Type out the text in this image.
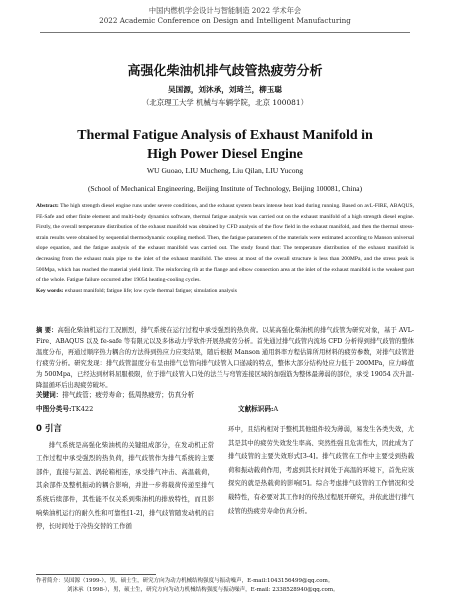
中国内燃机学会设计与智能制造 2022 学术年会
2022 Academic Conference on Design and Intelligent Manufacturing
高强化柴油机排气歧管热疲劳分析
吴国源，刘沐承，刘琦兰，柳玉聪
（北京理工大学 机械与车辆学院，北京 100081）
Thermal Fatigue Analysis of Exhaust Manifold in
High Power Diesel Engine
WU Guoao, LIU Mucheng, Liu Qilan, LIU Yucong
(School of Mechanical Engineering, Beijing Institute of Technology, Beijing 100081, China)
Abstract: The high strength diesel engine runs under severe conditions, and the exhaust system bears intense heat load during running. Based on avL-FIRE, ABAQUS, FE-Safe and other finite element and multi-body dynamics software, thermal fatigue analysis was carried out on the exhaust manifold of a high strength diesel engine. Firstly, the overall temperature distribution of the exhaust manifold was obtained by CFD analysis of the flow field in the exhaust manifold, and then the thermal stress-strain results were obtained by sequential thermodynamic coupling method. Then, the fatigue parameters of the materials were estimated according to Manson universal slope equation, and the fatigue analysis of the exhaust manifold was carried out. The study found that: The temperature distribution of the exhaust manifold is decreasing from the exhaust main pipe to the inlet of the exhaust manifold. The stress at most of the overall structure is less than 200MPa, and the stress peak is 500Mpa, which has reached the material yield limit. The reinforcing rib at the flange and elbow connection area at the inlet of the exhaust manifold is the weakest part of the whole. Fatigue failure occurred after 19054 heating-cooling cycles.
Key words: exhaust manifold; fatigue life; low cycle thermal fatigue; simulation analysis
摘 要：高强化柴油机运行工况剧烈，排气系统在运行过程中承受强烈的热负荷。以某高强化柴油机的排气歧管为研究对象，基于 AVL-Fire、ABAQUS 以及 fe-safe 等有限元以及多体动力学软件开展热疲劳分析。首先通过排气歧管内流场 CFD 分析得到排气歧管的整体温度分布，再通过顺序热力耦合的方法得到热应力应变结果，随后根据 Manson 通用斜率方程估算所用材料的疲劳参数，对排气歧管进行疲劳分析。研究发现：排气歧管温度分布呈由排气总管向排气歧管入口递减的特点，整体大部分结构处应力低于 200MPa，应力峰值为 500Mpa，已经达到材料屈服极限，位于排气歧管入口处的法兰与弯管连接区域的加强筋为整体最薄弱的部位，承受 19054 次升温-降温循环后出现疲劳破坏。
关键词：排气歧管；疲劳寿命；低周热疲劳；仿真分析
中图分类号:TK422	文献标识码:A
0 引言
排气系统是高强化柴油机的关键组成部分，在发动机正常工作过程中承受强烈的热负荷，排气歧管作为排气系统的主要部件，直接与缸盖、涡轮箱相连，承受排气冲击、高温载荷，其余部件及整机振动的耦合影响，并进一步将载荷传递至排气系统后续部件，其性能不仅关系到柴油机的排放特性，而且影响柴油机运行的耐久性和可靠性[1-2]，排气歧管随发动机的启停，长时间处于冷热交替的工作循
环中，且结构相对于整机其他组件较为薄弱，易发生各类失效，尤其是其中的疲劳失效发生率高、突然性强且危害性大，因此成为了排气歧管的主要失效形式[3-4]。排气歧管在工作中主要受到热载荷和振动载荷作用，考虑到其长时间处于高温的环境下，首先应该探究的就是热载荷的影响[5]。综合考虑排气歧管的工作情况和受载特性，有必要对其工作时的传热过程展开研究，并依此进行排气歧管的热疲劳寿命仿真分析。
作者简介：吴国源（1999-），男，硕士生，研究方向为动力机械结构强度与振动噪声，E-mail:1043156499@qq.com。
刘沐承（1998-），男，硕士生，研究方向为动力机械结构强度与振动噪声，E-mail: 2338528940@qq.com。
